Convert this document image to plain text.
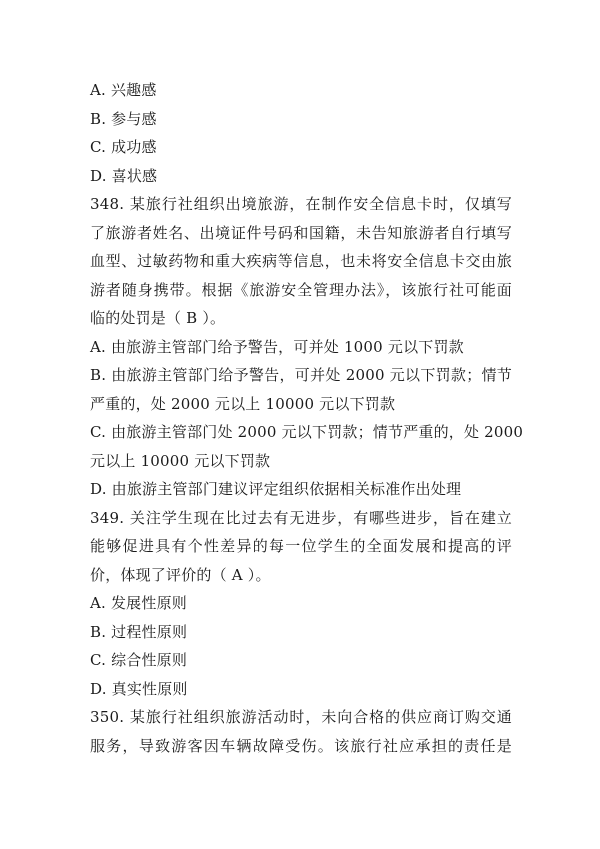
A. 兴趣感
B. 参与感
C. 成功感
D. 喜状感
348. 某旅行社组织出境旅游，在制作安全信息卡时，仅填写
了旅游者姓名、出境证件号码和国籍，未告知旅游者自行填写
血型、过敏药物和重大疾病等信息，也未将安全信息卡交由旅
游者随身携带。根据《旅游安全管理办法》，该旅行社可能面
临的处罚是（ B ）。
A. 由旅游主管部门给予警告，可并处 1000 元以下罚款
B. 由旅游主管部门给予警告，可并处 2000 元以下罚款；情节
严重的，处 2000 元以上 10000 元以下罚款
C. 由旅游主管部门处 2000 元以下罚款；情节严重的，处 2000
元以上 10000 元以下罚款
D. 由旅游主管部门建议评定组织依据相关标准作出处理
349. 关注学生现在比过去有无进步，有哪些进步，旨在建立
能够促进具有个性差异的每一位学生的全面发展和提高的评
价，体现了评价的（ A ）。
A. 发展性原则
B. 过程性原则
C. 综合性原则
D. 真实性原则
350. 某旅行社组织旅游活动时，未向合格的供应商订购交通
服务，导致游客因车辆故障受伤。该旅行社应承担的责任是
